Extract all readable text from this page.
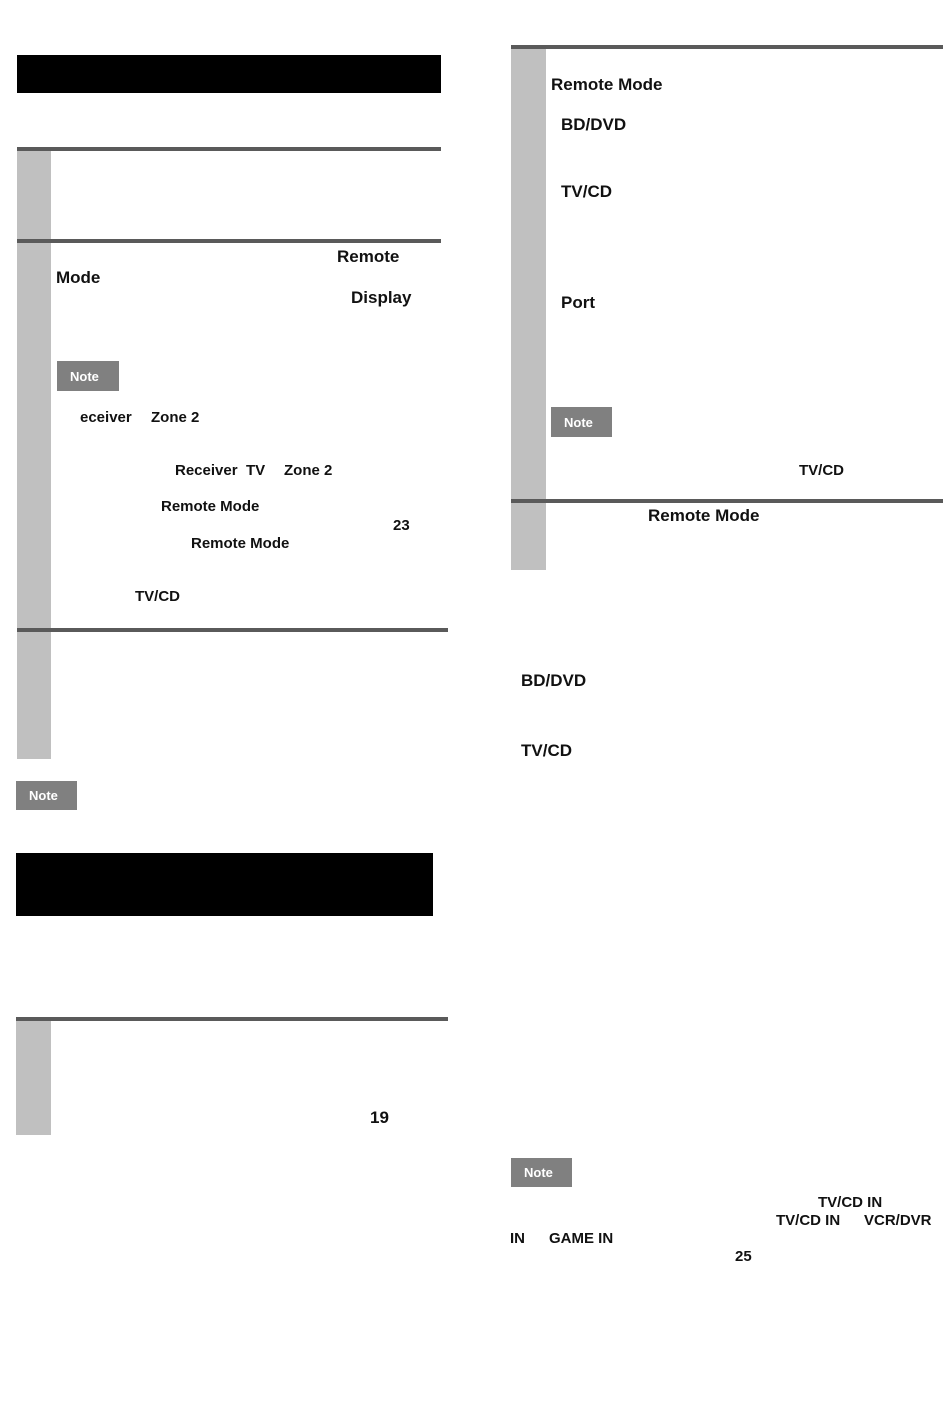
Remote
Mode
Display
Note
eceiver Zone 2
Receiver TV Zone 2
Remote Mode
23
Remote Mode
TV/CD
Note
19
Remote Mode
BD/DVD
TV/CD
Port
Note
TV/CD
Remote Mode
BD/DVD
TV/CD
Note
TV/CD IN
TV/CD IN VCR/DVR
IN GAME IN
25
